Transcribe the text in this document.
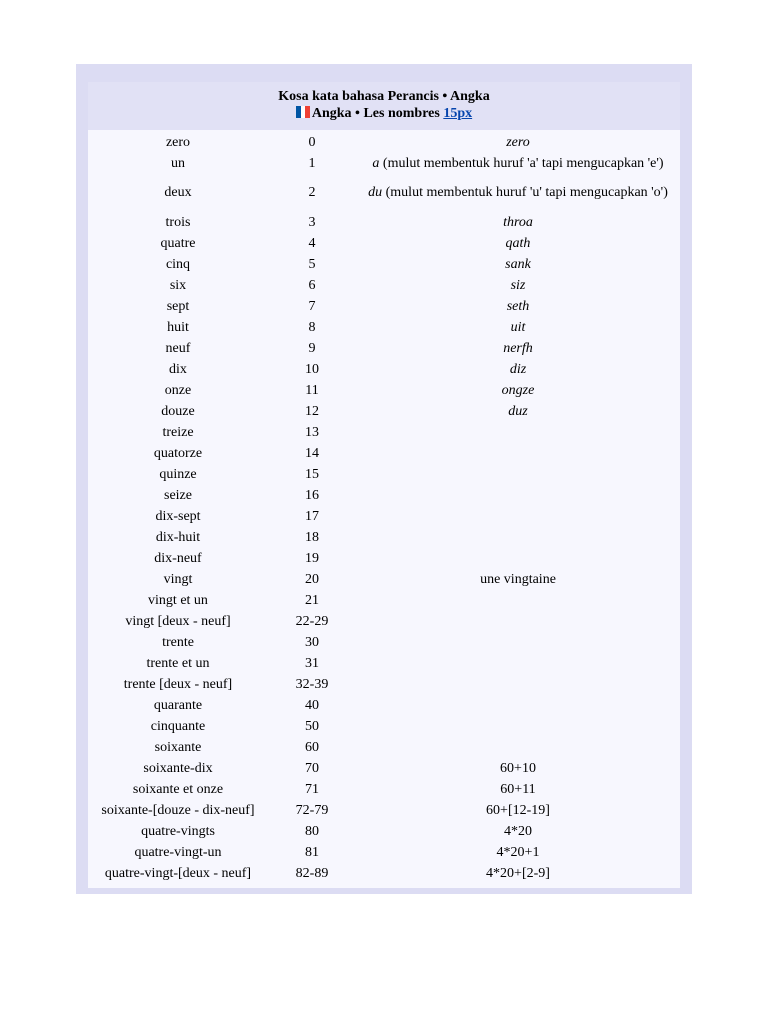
Kosa kata bahasa Perancis • Angka
Angka • Les nombres 15px
zero	0	zero
un	1	a (mulut membentuk huruf 'a' tapi mengucapkan 'e')
deux	2	du (mulut membentuk huruf 'u' tapi mengucapkan 'o')
trois	3	throa
quatre	4	qath
cinq	5	sank
six	6	siz
sept	7	seth
huit	8	uit
neuf	9	nerfh
dix	10	diz
onze	11	ongze
douze	12	duz
treize	13
quatorze	14
quinze	15
seize	16
dix-sept	17
dix-huit	18
dix-neuf	19
vingt	20	une vingtaine
vingt et un	21
vingt [deux - neuf]	22-29
trente	30
trente et un	31
trente [deux - neuf]	32-39
quarante	40
cinquante	50
soixante	60
soixante-dix	70	60+10
soixante et onze	71	60+11
soixante-[douze - dix-neuf]	72-79	60+[12-19]
quatre-vingts	80	4*20
quatre-vingt-un	81	4*20+1
quatre-vingt-[deux - neuf]	82-89	4*20+[2-9]
